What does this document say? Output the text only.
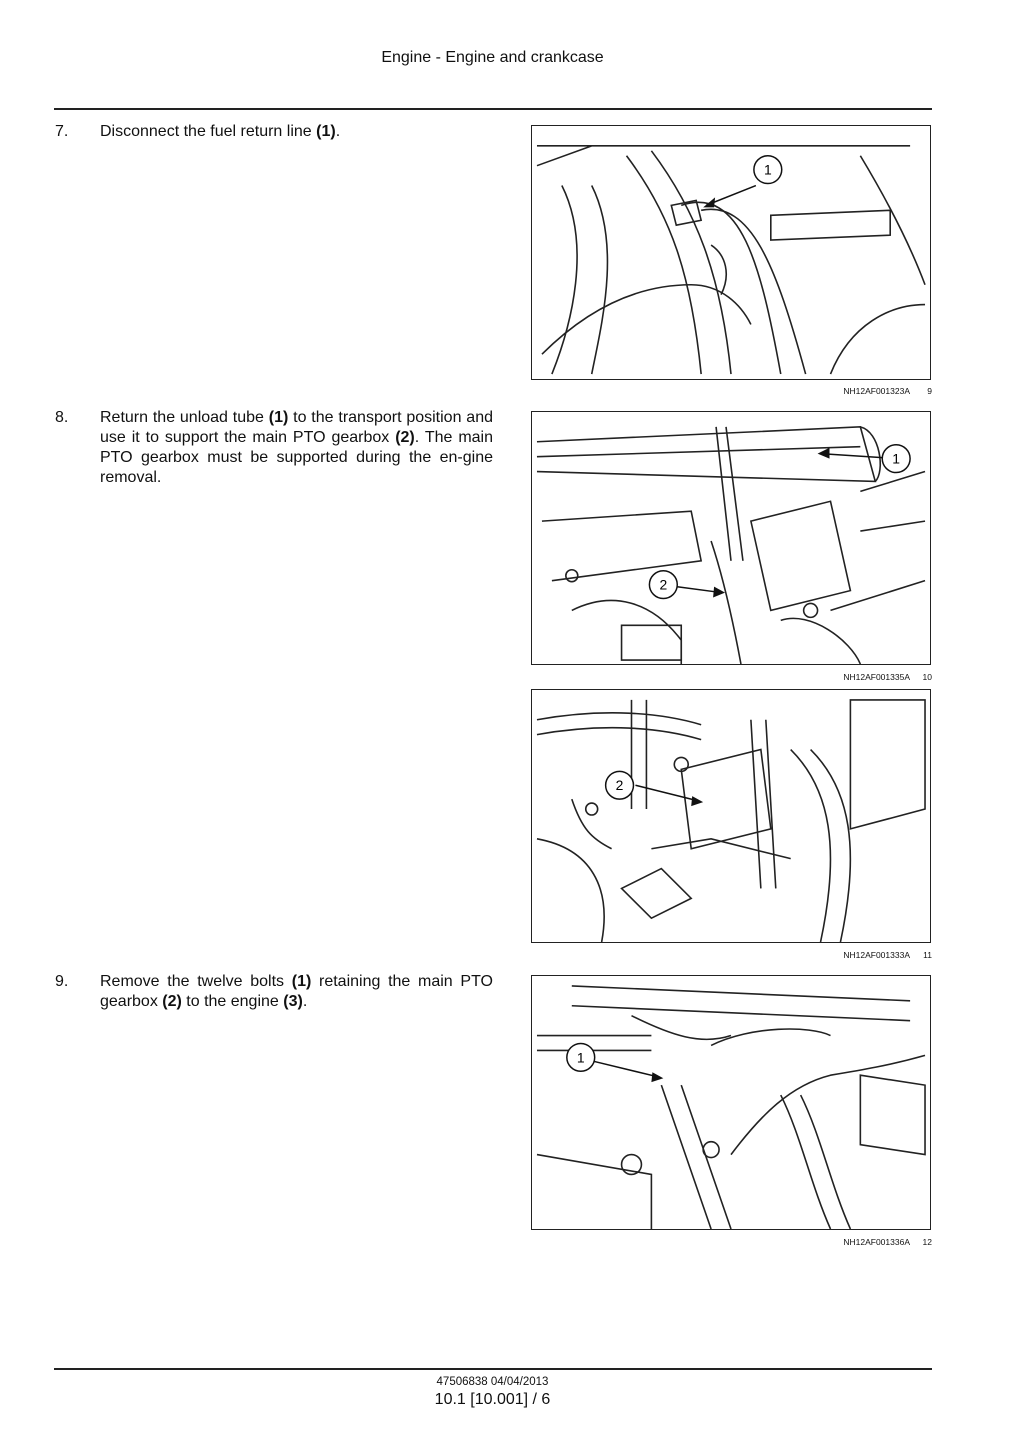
Engine - Engine and crankcase
7. Disconnect the fuel return line (1).
8. Return the unload tube (1) to the transport position and use it to support the main PTO gearbox (2). The main PTO gearbox must be supported during the en-gine removal.
9. Remove the twelve bolts (1) retaining the main PTO gearbox (2) to the engine (3).
1
NH12AF001323A 9
1
2
NH12AF001335A 10
2
NH12AF001333A 11
1
NH12AF001336A 12
47506838 04/04/2013
10.1 [10.001] / 6
